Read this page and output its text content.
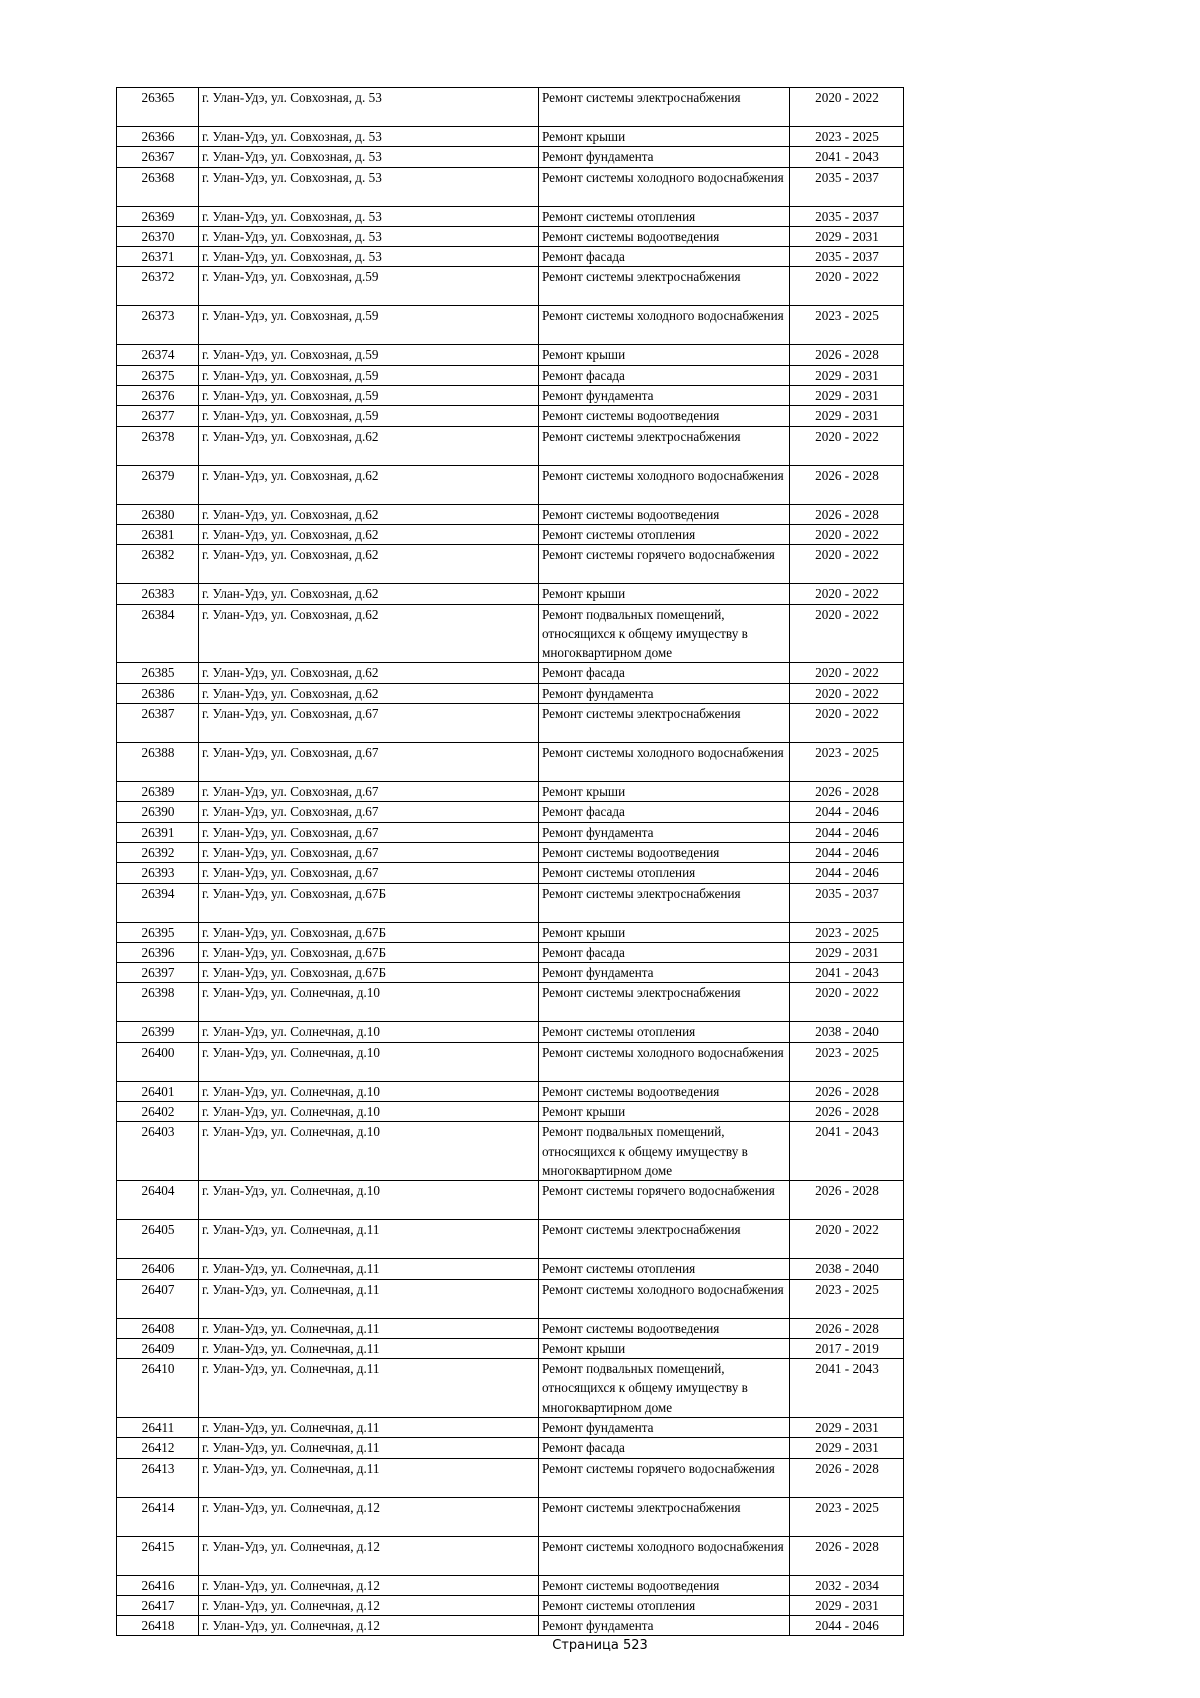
26365	г. Улан-Удэ, ул. Совхозная, д. 53	Ремонт системы электроснабжения	2020 - 2022
26366	г. Улан-Удэ, ул. Совхозная, д. 53	Ремонт крыши	2023 - 2025
26367	г. Улан-Удэ, ул. Совхозная, д. 53	Ремонт фундамента	2041 - 2043
26368	г. Улан-Удэ, ул. Совхозная, д. 53	Ремонт системы холодного водоснабжения	2035 - 2037
26369	г. Улан-Удэ, ул. Совхозная, д. 53	Ремонт системы отопления	2035 - 2037
26370	г. Улан-Удэ, ул. Совхозная, д. 53	Ремонт системы водоотведения	2029 - 2031
26371	г. Улан-Удэ, ул. Совхозная, д. 53	Ремонт фасада	2035 - 2037
26372	г. Улан-Удэ, ул. Совхозная, д.59	Ремонт системы электроснабжения	2020 - 2022
26373	г. Улан-Удэ, ул. Совхозная, д.59	Ремонт системы холодного водоснабжения	2023 - 2025
26374	г. Улан-Удэ, ул. Совхозная, д.59	Ремонт крыши	2026 - 2028
26375	г. Улан-Удэ, ул. Совхозная, д.59	Ремонт фасада	2029 - 2031
26376	г. Улан-Удэ, ул. Совхозная, д.59	Ремонт фундамента	2029 - 2031
26377	г. Улан-Удэ, ул. Совхозная, д.59	Ремонт системы водоотведения	2029 - 2031
26378	г. Улан-Удэ, ул. Совхозная, д.62	Ремонт системы электроснабжения	2020 - 2022
26379	г. Улан-Удэ, ул. Совхозная, д.62	Ремонт системы холодного водоснабжения	2026 - 2028
26380	г. Улан-Удэ, ул. Совхозная, д.62	Ремонт системы водоотведения	2026 - 2028
26381	г. Улан-Удэ, ул. Совхозная, д.62	Ремонт системы отопления	2020 - 2022
26382	г. Улан-Удэ, ул. Совхозная, д.62	Ремонт системы горячего водоснабжения	2020 - 2022
26383	г. Улан-Удэ, ул. Совхозная, д.62	Ремонт крыши	2020 - 2022
26384	г. Улан-Удэ, ул. Совхозная, д.62	Ремонт подвальных помещений, относящихся к общему имуществу в многоквартирном доме	2020 - 2022
26385	г. Улан-Удэ, ул. Совхозная, д.62	Ремонт фасада	2020 - 2022
26386	г. Улан-Удэ, ул. Совхозная, д.62	Ремонт фундамента	2020 - 2022
26387	г. Улан-Удэ, ул. Совхозная, д.67	Ремонт системы электроснабжения	2020 - 2022
26388	г. Улан-Удэ, ул. Совхозная, д.67	Ремонт системы холодного водоснабжения	2023 - 2025
26389	г. Улан-Удэ, ул. Совхозная, д.67	Ремонт крыши	2026 - 2028
26390	г. Улан-Удэ, ул. Совхозная, д.67	Ремонт фасада	2044 - 2046
26391	г. Улан-Удэ, ул. Совхозная, д.67	Ремонт фундамента	2044 - 2046
26392	г. Улан-Удэ, ул. Совхозная, д.67	Ремонт системы водоотведения	2044 - 2046
26393	г. Улан-Удэ, ул. Совхозная, д.67	Ремонт системы отопления	2044 - 2046
26394	г. Улан-Удэ, ул. Совхозная, д.67Б	Ремонт системы электроснабжения	2035 - 2037
26395	г. Улан-Удэ, ул. Совхозная, д.67Б	Ремонт крыши	2023 - 2025
26396	г. Улан-Удэ, ул. Совхозная, д.67Б	Ремонт фасада	2029 - 2031
26397	г. Улан-Удэ, ул. Совхозная, д.67Б	Ремонт фундамента	2041 - 2043
26398	г. Улан-Удэ, ул. Солнечная, д.10	Ремонт системы электроснабжения	2020 - 2022
26399	г. Улан-Удэ, ул. Солнечная, д.10	Ремонт системы отопления	2038 - 2040
26400	г. Улан-Удэ, ул. Солнечная, д.10	Ремонт системы холодного водоснабжения	2023 - 2025
26401	г. Улан-Удэ, ул. Солнечная, д.10	Ремонт системы водоотведения	2026 - 2028
26402	г. Улан-Удэ, ул. Солнечная, д.10	Ремонт крыши	2026 - 2028
26403	г. Улан-Удэ, ул. Солнечная, д.10	Ремонт подвальных помещений, относящихся к общему имуществу в многоквартирном доме	2041 - 2043
26404	г. Улан-Удэ, ул. Солнечная, д.10	Ремонт системы горячего водоснабжения	2026 - 2028
26405	г. Улан-Удэ, ул. Солнечная, д.11	Ремонт системы электроснабжения	2020 - 2022
26406	г. Улан-Удэ, ул. Солнечная, д.11	Ремонт системы отопления	2038 - 2040
26407	г. Улан-Удэ, ул. Солнечная, д.11	Ремонт системы холодного водоснабжения	2023 - 2025
26408	г. Улан-Удэ, ул. Солнечная, д.11	Ремонт системы водоотведения	2026 - 2028
26409	г. Улан-Удэ, ул. Солнечная, д.11	Ремонт крыши	2017 - 2019
26410	г. Улан-Удэ, ул. Солнечная, д.11	Ремонт подвальных помещений, относящихся к общему имуществу в многоквартирном доме	2041 - 2043
26411	г. Улан-Удэ, ул. Солнечная, д.11	Ремонт фундамента	2029 - 2031
26412	г. Улан-Удэ, ул. Солнечная, д.11	Ремонт фасада	2029 - 2031
26413	г. Улан-Удэ, ул. Солнечная, д.11	Ремонт системы горячего водоснабжения	2026 - 2028
26414	г. Улан-Удэ, ул. Солнечная, д.12	Ремонт системы электроснабжения	2023 - 2025
26415	г. Улан-Удэ, ул. Солнечная, д.12	Ремонт системы холодного водоснабжения	2026 - 2028
26416	г. Улан-Удэ, ул. Солнечная, д.12	Ремонт системы водоотведения	2032 - 2034
26417	г. Улан-Удэ, ул. Солнечная, д.12	Ремонт системы отопления	2029 - 2031
26418	г. Улан-Удэ, ул. Солнечная, д.12	Ремонт фундамента	2044 - 2046
Страница 523
